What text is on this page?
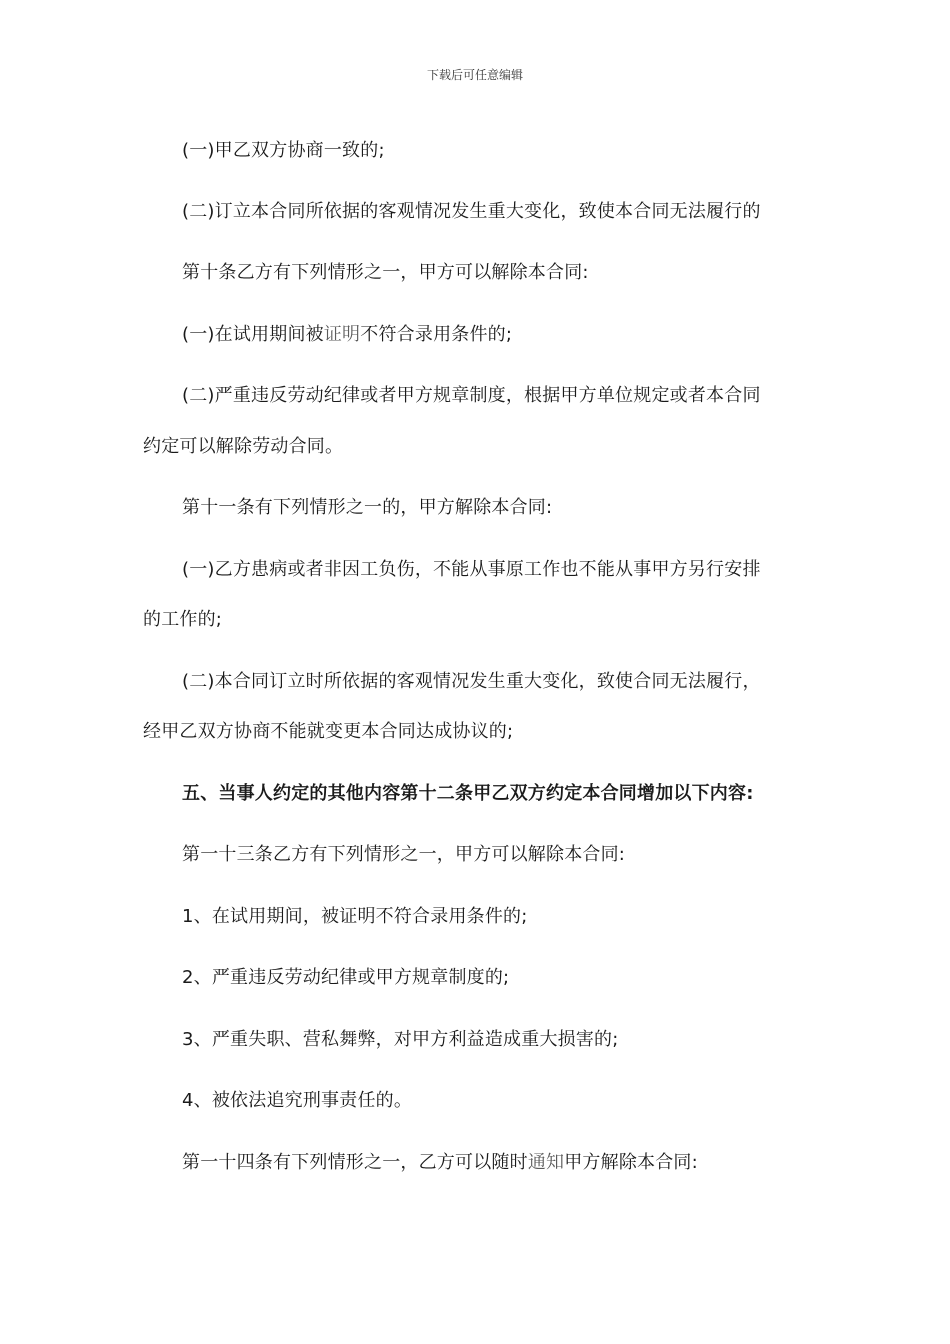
下载后可任意编辑
(一)甲乙双方协商一致的;
(二)订立本合同所依据的客观情况发生重大变化，致使本合同无法履行的
第十条乙方有下列情形之一，甲方可以解除本合同:
(一)在试用期间被证明不符合录用条件的;
(二)严重违反劳动纪律或者甲方规章制度，根据甲方单位规定或者本合同
约定可以解除劳动合同。
第十一条有下列情形之一的，甲方解除本合同:
(一)乙方患病或者非因工负伤，不能从事原工作也不能从事甲方另行安排
的工作的;
(二)本合同订立时所依据的客观情况发生重大变化，致使合同无法履行，
经甲乙双方协商不能就变更本合同达成协议的;
五、当事人约定的其他内容第十二条甲乙双方约定本合同增加以下内容:
第一十三条乙方有下列情形之一，甲方可以解除本合同:
1、在试用期间，被证明不符合录用条件的;
2、严重违反劳动纪律或甲方规章制度的;
3、严重失职、营私舞弊，对甲方利益造成重大损害的;
4、被依法追究刑事责任的。
第一十四条有下列情形之一，乙方可以随时通知甲方解除本合同:
